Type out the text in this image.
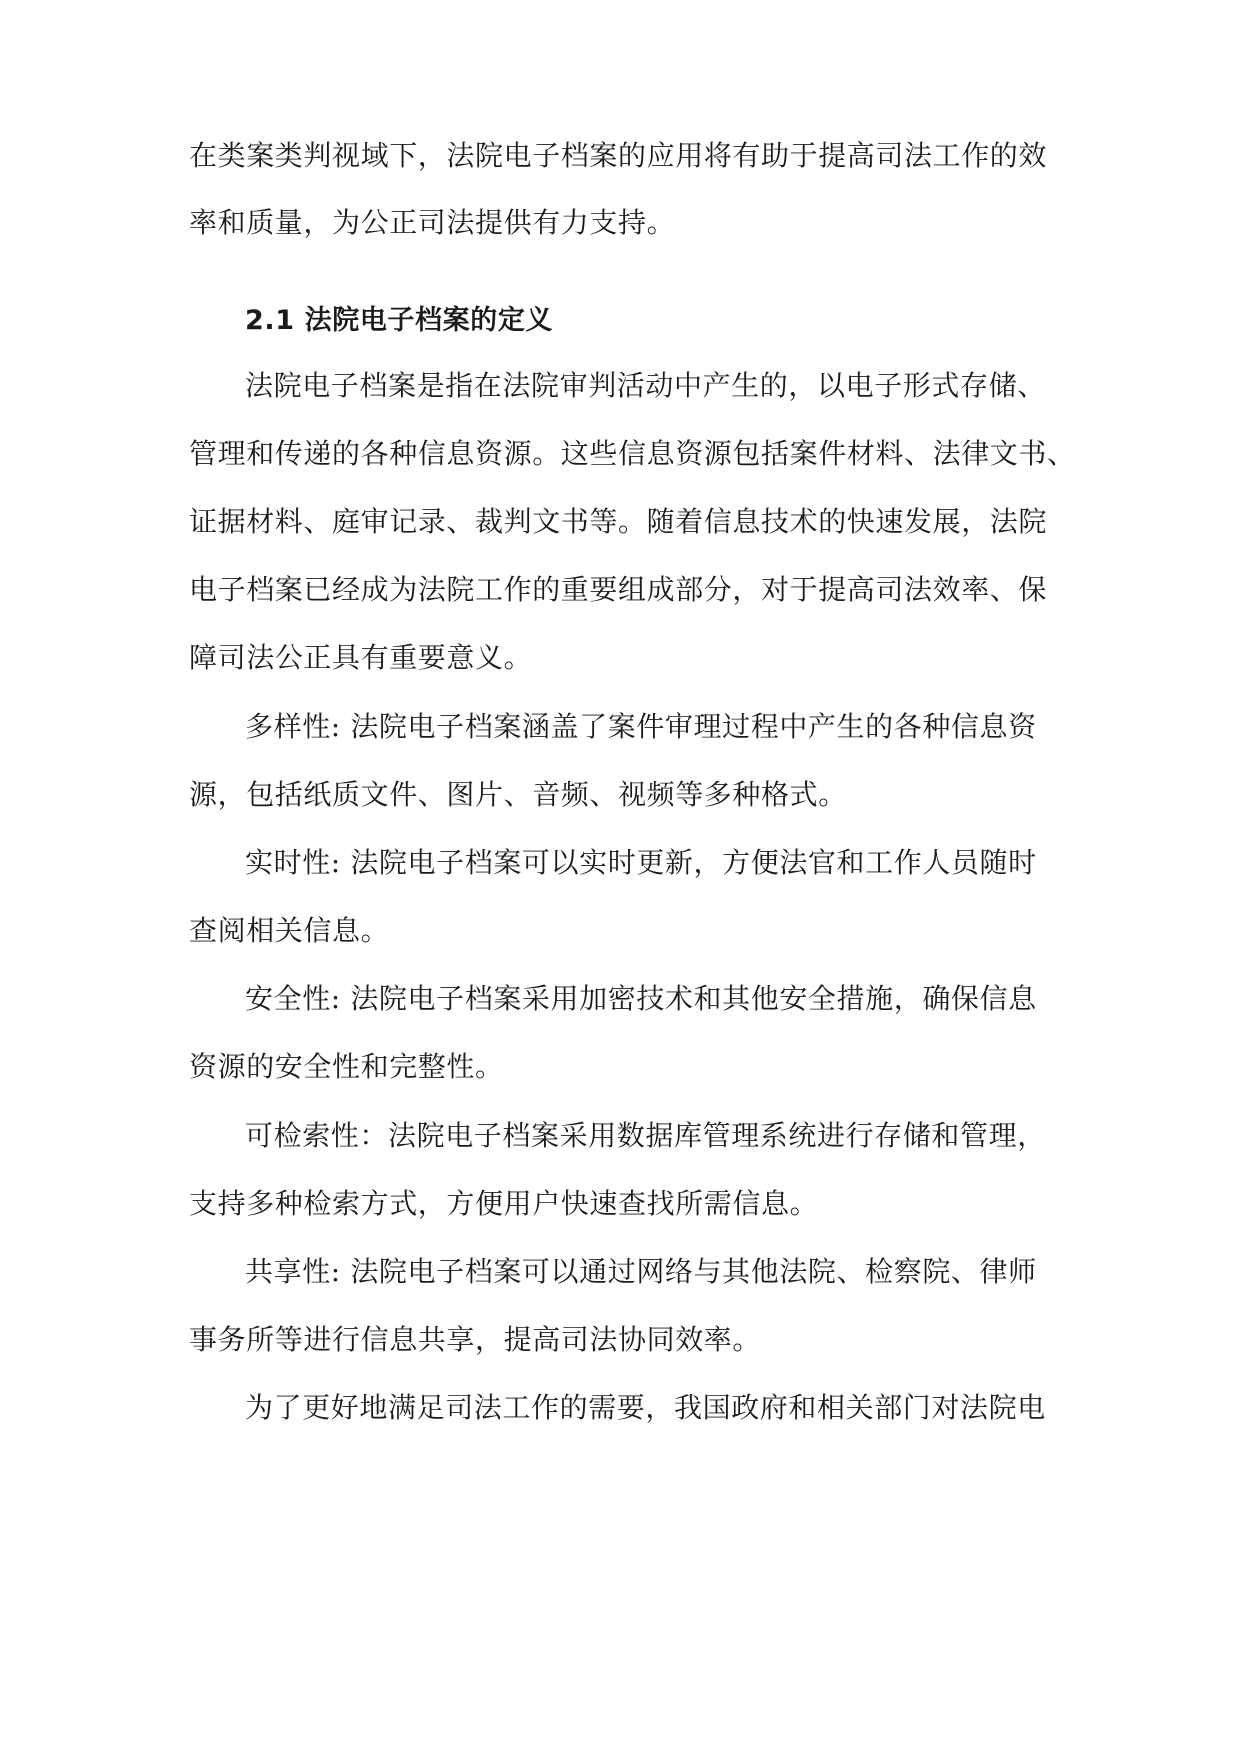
在类案类判视域下，法院电子档案的应用将有助于提高司法工作的效
率和质量，为公正司法提供有力支持。
2.1 法院电子档案的定义
法院电子档案是指在法院审判活动中产生的，以电子形式存储、
管理和传递的各种信息资源。这些信息资源包括案件材料、法律文书、
证据材料、庭审记录、裁判文书等。随着信息技术的快速发展，法院
电子档案已经成为法院工作的重要组成部分，对于提高司法效率、保
障司法公正具有重要意义。
多样性: 法院电子档案涵盖了案件审理过程中产生的各种信息资
源，包括纸质文件、图片、音频、视频等多种格式。
实时性: 法院电子档案可以实时更新，方便法官和工作人员随时
查阅相关信息。
安全性: 法院电子档案采用加密技术和其他安全措施，确保信息
资源的安全性和完整性。
可检索性：法院电子档案采用数据库管理系统进行存储和管理，
支持多种检索方式，方便用户快速查找所需信息。
共享性: 法院电子档案可以通过网络与其他法院、检察院、律师
事务所等进行信息共享，提高司法协同效率。
为了更好地满足司法工作的需要，我国政府和相关部门对法院电
